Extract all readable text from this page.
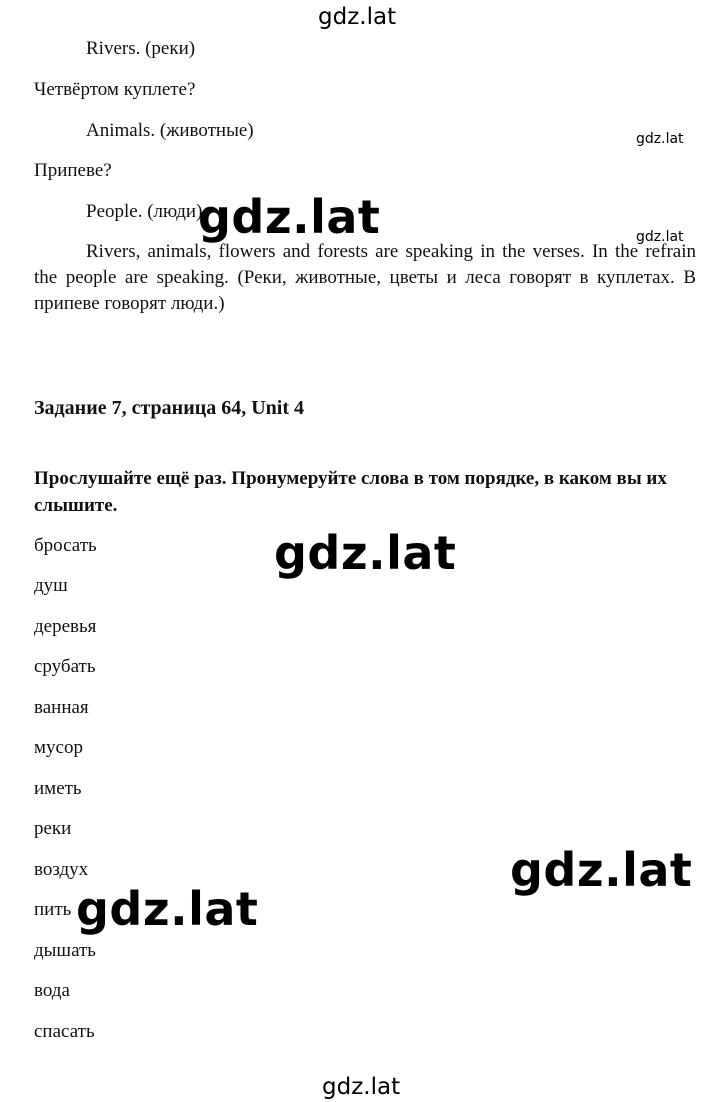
gdz.lat
gdz.lat
gdz.lat
gdz.lat
gdz.lat
gdz.lat
gdz.lat
gdz.lat
Rivers. (реки)
Четвёртом куплете?
Animals. (животные)
Припеве?
People. (люди)
Rivers, animals, flowers and forests are speaking in the verses. In the refrain
the people are speaking. (Реки, животные, цветы и леса говорят в куплетах. В припеве говорят люди.)
Задание 7, страница 64, Unit 4
Прослушайте ещё раз. Пронумеруйте слова в том порядке, в каком вы их слышите.
бросать
душ
деревья
срубать
ванная
мусор
иметь
реки
воздух
пить
дышать
вода
спасать
